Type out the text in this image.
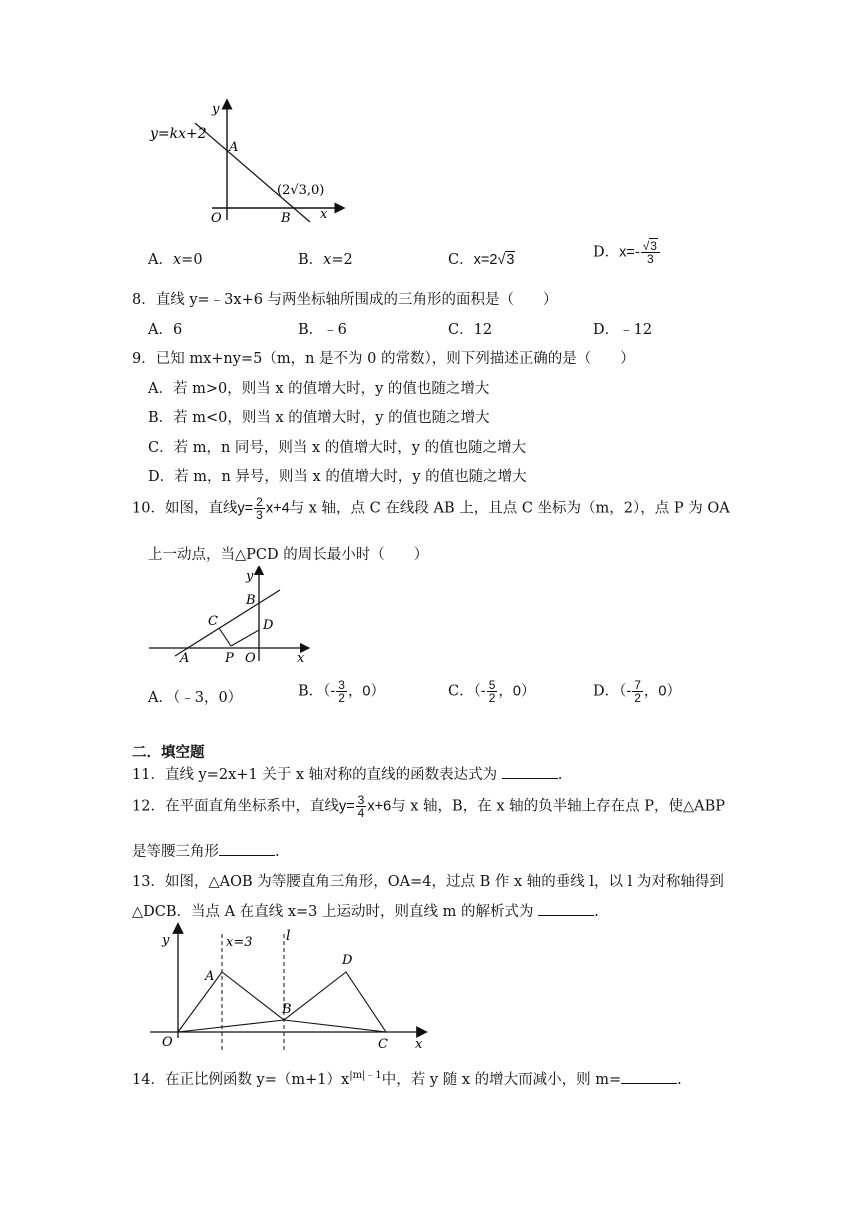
y
y=kx+2
A
(2√3,0)
O	B x
A．x=0	B．x=2	C．x=2√3	D．$x=- \frac{√3}{3}$
8．直线 y=﹣3x+6 与两坐标轴所围成的三角形的面积是（　　）
A．6	B．﹣6	C．12	D．﹣12
9．已知 mx+ny=5（m，n 是不为 0 的常数），则下列描述正确的是（　　）
A．若 m>0，则当 x 的值增大时，y 的值也随之增大
B．若 m<0，则当 x 的值增大时，y 的值也随之增大
C．若 m，n 同号，则当 x 的值增大时，y 的值也随之增大
D．若 m，n 异号，则当 x 的值增大时，y 的值也随之增大
10．如图，直线$y= \frac{2}{3} x+4$与 x 轴，点 C 在线段 AB 上，且点 C 坐标为（m，2），点 P 为 OA
上一动点，当△PCD 的周长最小时（　　）
y
B
D
C
A	P O	x
A．（﹣3，0）	B．（- $\frac{3}{2}$ ，0）	C．（- $\frac{5}{2}$ ，0）	D．（- $\frac{7}{2}$ ，0）
二．填空题
11．直线 y=2x+1 关于 x 轴对称的直线的函数表达式为	.
12．在平面直角坐标系中，直线$y= \frac{3}{4} x+6$与 x 轴，B，在 x 轴的负半轴上存在点 P，使△ABP
是等腰三角形	.
13．如图，△AOB 为等腰直角三角形，OA=4，过点 B 作 x 轴的垂线 l，以 l 为对称轴得到
△DCB．当点 A 在直线 x=3 上运动时，则直线 m 的解析式为	.
y	x=3 l
A
D
B
O	C x
14．在正比例函数 $y=(m+1)x^{|m|﹣1}$中，若 y 随 x 的增大而减小，则 m=	.
